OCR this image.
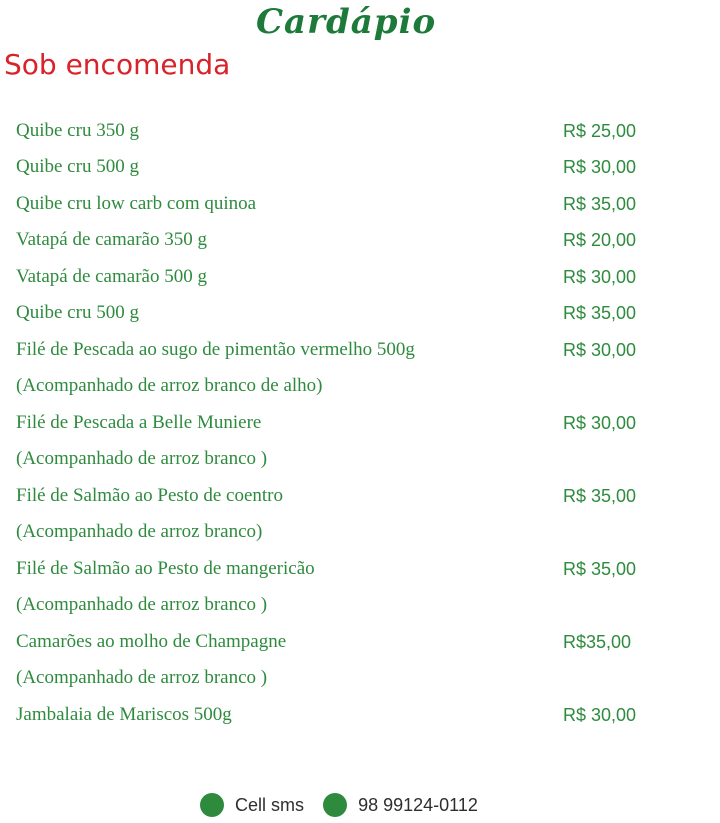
Cardápio
Sob encomenda
Quibe cru 350 g	R$ 25,00
Quibe cru 500 g	R$ 30,00
Quibe cru low carb com quinoa	R$ 35,00
Vatapá de camarão 350 g	R$ 20,00
Vatapá de camarão 500 g	R$ 30,00
Quibe cru 500 g	R$ 35,00
Filé de Pescada ao sugo de pimentão vermelho 500g	R$ 30,00
(Acompanhado de arroz branco de alho)
Filé de Pescada a Belle Muniere	R$ 30,00
(Acompanhado de arroz branco )
Filé de Salmão ao Pesto de coentro	R$ 35,00
(Acompanhado de arroz branco)
Filé de Salmão ao Pesto de mangericão	R$ 35,00
(Acompanhado de arroz branco )
Camarões ao molho de Champagne	R$35,00
(Acompanhado de arroz branco )
Jambalaia de Mariscos 500g	R$ 30,00
Cell sms	98 99124-0112
